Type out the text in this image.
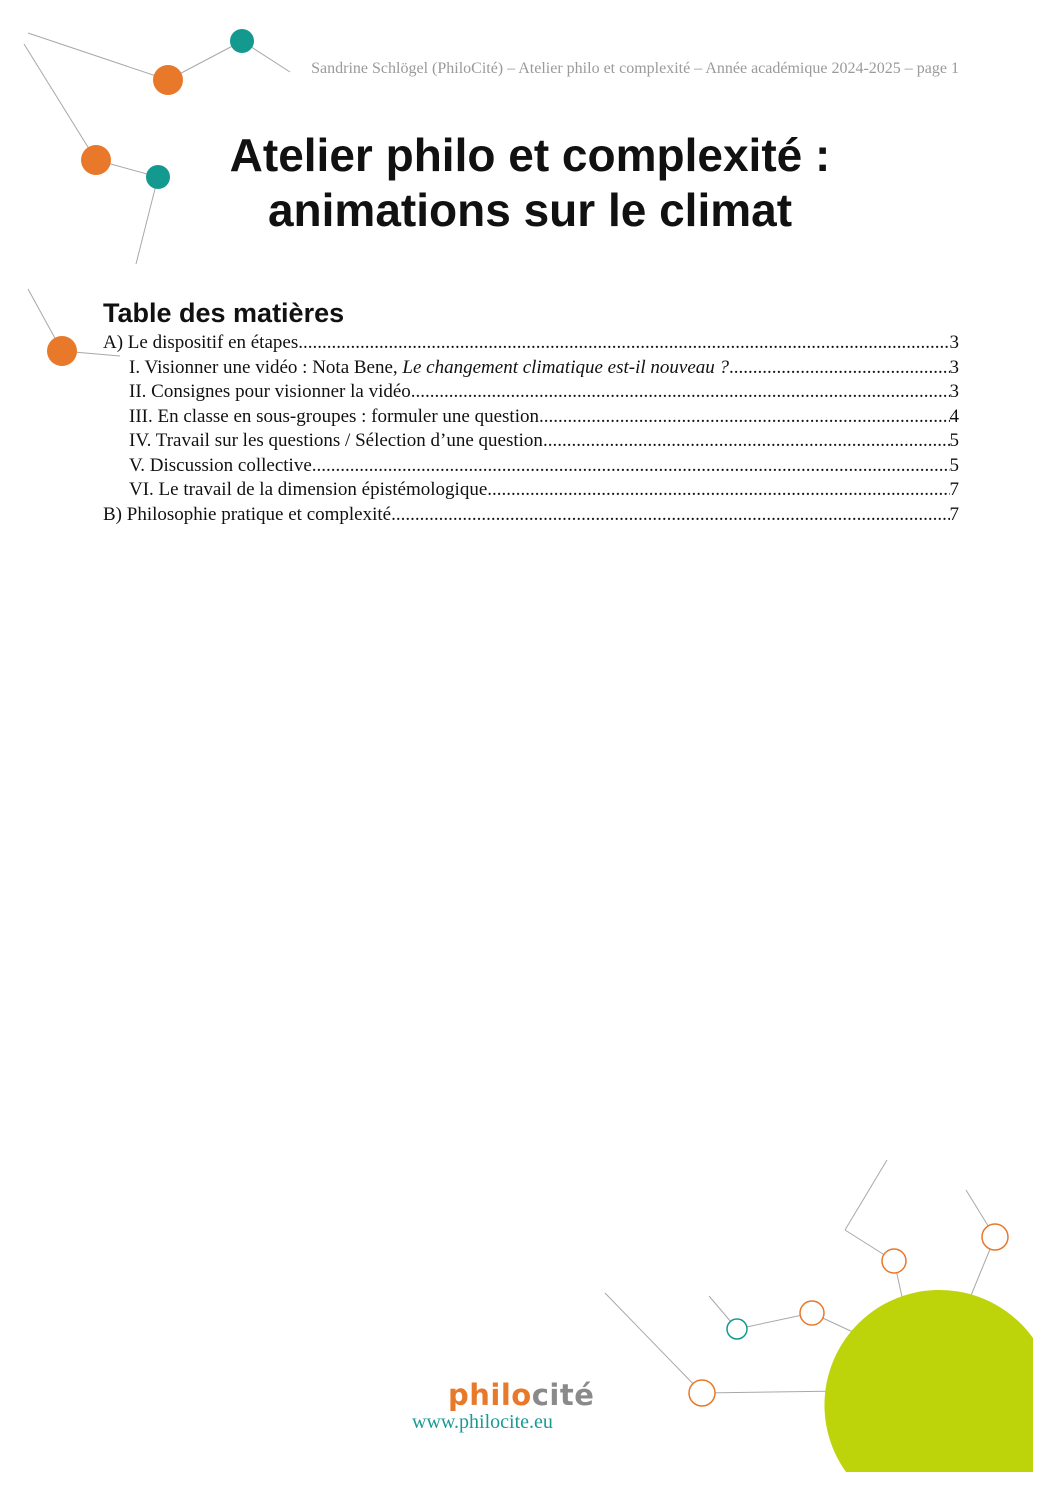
Sandrine Schlögel (PhiloCité) – Atelier philo et complexité – Année académique 2024-2025 – page 1
Atelier philo et complexité :
animations sur le climat
Table des matières
A) Le dispositif en étapes .....	3
I. Visionner une vidéo : Nota Bene, Le changement climatique est-il nouveau ? .....	3
II. Consignes pour visionner la vidéo .....	3
III. En classe en sous-groupes : formuler une question .....	4
IV. Travail sur les questions / Sélection d’une question .....	5
V. Discussion collective .....	5
VI. Le travail de la dimension épistémologique .....	7
B) Philosophie pratique et complexité .....	7
philocité
www.philocite.eu
